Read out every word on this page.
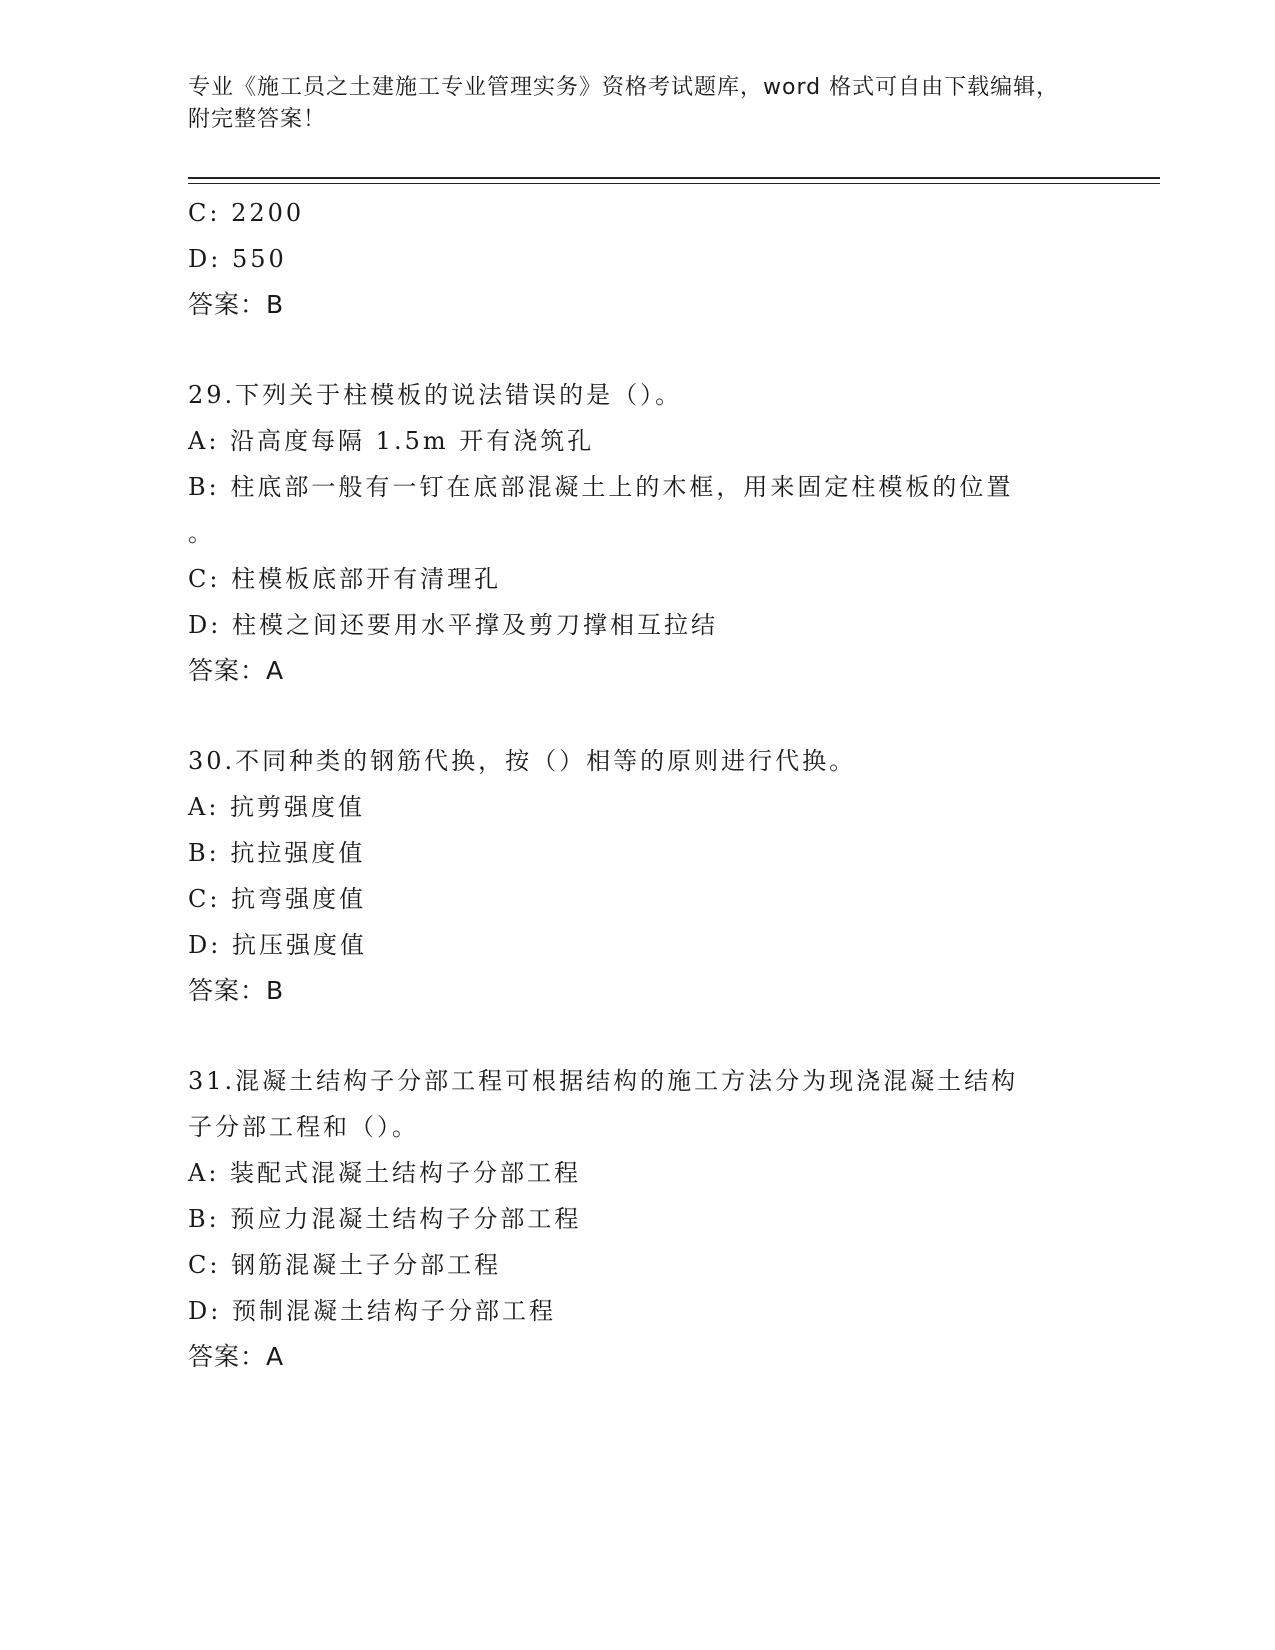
专业《施工员之土建施工专业管理实务》资格考试题库，word 格式可自由下载编辑，附完整答案！
C: 2200
D: 550
答案：B
29.下列关于柱模板的说法错误的是（）。
A: 沿高度每隔 1.5m 开有浇筑孔
B: 柱底部一般有一钉在底部混凝土上的木框，用来固定柱模板的位置
。
C: 柱模板底部开有清理孔
D: 柱模之间还要用水平撑及剪刀撑相互拉结
答案：A
30.不同种类的钢筋代换，按（）相等的原则进行代换。
A: 抗剪强度值
B: 抗拉强度值
C: 抗弯强度值
D: 抗压强度值
答案：B
31.混凝土结构子分部工程可根据结构的施工方法分为现浇混凝土结构
子分部工程和（）。
A: 装配式混凝土结构子分部工程
B: 预应力混凝土结构子分部工程
C: 钢筋混凝土子分部工程
D: 预制混凝土结构子分部工程
答案：A
